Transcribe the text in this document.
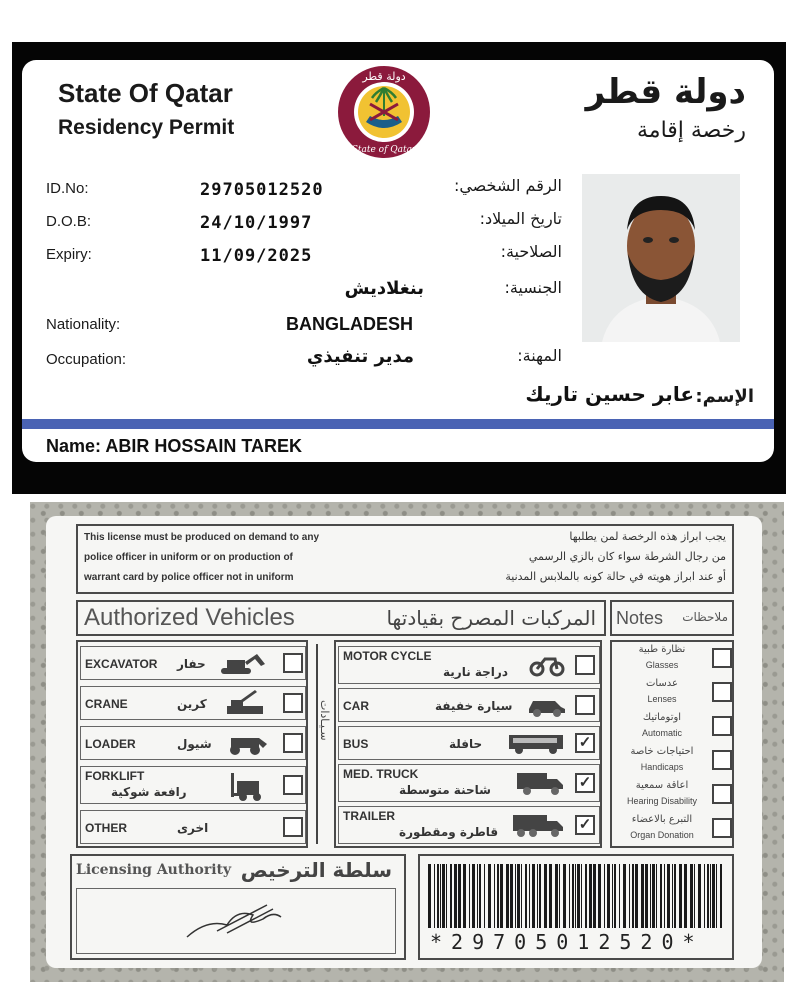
State Of Qatar
Residency Permit
دولة قطر
State of Qatar
دولة قطر
رخصة إقامة
ID.No:	29705012520	الرقم الشخصي:
D.O.B:	24/10/1997	تاريخ الميلاد:
Expiry:	11/09/2025	الصلاحية:
بنغلاديش	الجنسية:
Nationality:	BANGLADESH
Occupation:	مدير تنفيذي	المهنة:
الإسم:
عابر حسين تاريك
Name: ABIR HOSSAIN TAREK
This license must be produced on demand to any
police officer in uniform or on production of
warrant card by police officer not in uniform
يجب ابراز هذه الرخصة لمن يطلبها
من رجال الشرطة سواء كان بالزي الرسمي
أو عند ابراز هويته في حالة كونه بالملابس المدنية
Authorized Vehicles	المركبات المصرح بقيادتها Notes ملاحظات
EXCAVATOR حفار
CRANE	كرين
LOADER	شيول
FORKLIFT
رافعة شوكية
OTHER	اخرى
سـيـادات
MOTOR CYCLE
دراجة نارية
CAR	سيارة خفيفة
BUS	حافلة	✓
MED. TRUCK
شاحنة متوسطة	✓
TRAILER
قاطرة ومقطورة	✓
نظارة طبية
Glasses
عدسات
Lenses
اوتوماتيك
Automatic
احتياجات خاصة
Handicaps
اعاقة سمعية
Hearing Disability
التبرع بالاعضاء
Organ Donation
Licensing Authority سلطة الترخيص
*29705012520*
